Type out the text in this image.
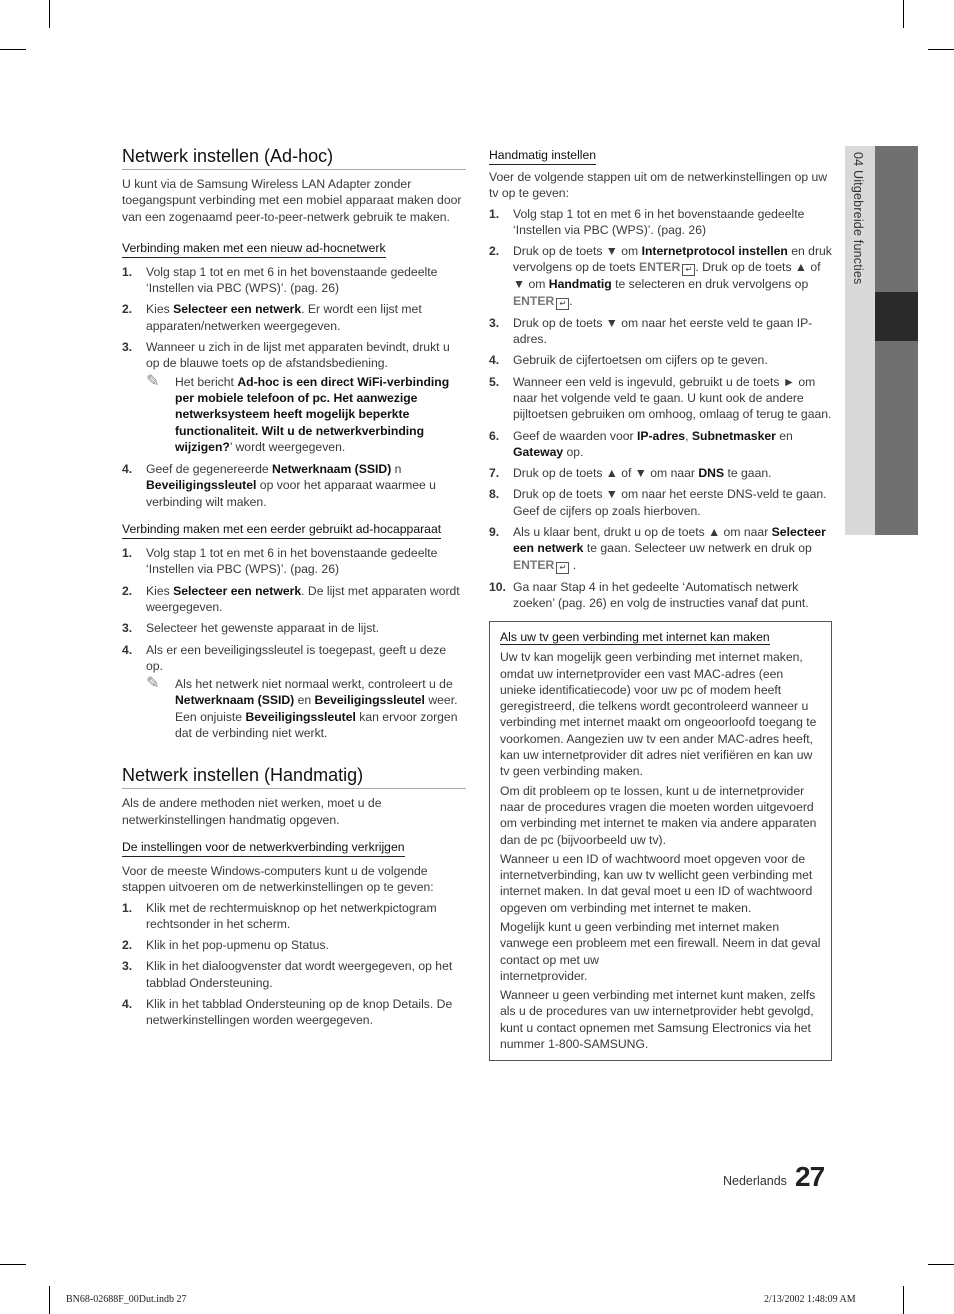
04 Uitgebreide functies
Netwerk instellen (Ad-hoc)
U kunt via de Samsung Wireless LAN Adapter zonder toegangspunt verbinding met een mobiel apparaat maken door van een zogenaamd peer-to-peer-netwerk gebruik te maken.
Verbinding maken met een nieuw ad-hocnetwerk
1.	Volg stap 1 tot en met 6 in het bovenstaande gedeelte ‘Instellen via PBC (WPS)’. (pag. 26)
2.	Kies Selecteer een netwerk. Er wordt een lijst met apparaten/netwerken weergegeven.
3.	Wanneer u zich in de lijst met apparaten bevindt, drukt u op de blauwe toets op de afstandsbediening.
✎	Het bericht Ad-hoc is een direct WiFi-verbinding per mobiele telefoon of pc. Het aanwezige netwerksysteem heeft mogelijk beperkte functionaliteit. Wilt u de netwerkverbinding wijzigen?’ wordt weergegeven.
4.	Geef de gegenereerde Netwerknaam (SSID) n Beveiligingssleutel op voor het apparaat waarmee u verbinding wilt maken.
Verbinding maken met een eerder gebruikt ad-hocapparaat
1.	Volg stap 1 tot en met 6 in het bovenstaande gedeelte ‘Instellen via PBC (WPS)’. (pag. 26)
2.	Kies Selecteer een netwerk. De lijst met apparaten wordt weergegeven.
3.	Selecteer het gewenste apparaat in de lijst.
4.	Als er een beveiligingssleutel is toegepast, geeft u deze op.
✎	Als het netwerk niet normaal werkt, controleert u de Netwerknaam (SSID) en Beveiligingssleutel weer. Een onjuiste Beveiligingssleutel kan ervoor zorgen dat de verbinding niet werkt.
Netwerk instellen (Handmatig)
Als de andere methoden niet werken, moet u de netwerkinstellingen handmatig opgeven.
De instellingen voor de netwerkverbinding verkrijgen
Voor de meeste Windows-computers kunt u de volgende stappen uitvoeren om de netwerkinstellingen op te geven:
1.	Klik met de rechtermuisknop op het netwerkpictogram rechtsonder in het scherm.
2.	Klik in het pop-upmenu op Status.
3.	Klik in het dialoogvenster dat wordt weergegeven, op het tabblad Ondersteuning.
4.	Klik in het tabblad Ondersteuning op de knop Details. De netwerkinstellingen worden weergegeven.
Handmatig instellen
Voer de volgende stappen uit om de netwerkinstellingen op uw tv op te geven:
1.	Volg stap 1 tot en met 6 in het bovenstaande gedeelte ‘Instellen via PBC (WPS)’. (pag. 26)
2.	Druk op de toets ▼ om Internetprotocol instellen en druk vervolgens op de toets ENTER ↵ . Druk op de toets ▲ of ▼ om Handmatig te selecteren en druk vervolgens op ENTER ↵ .
3.	Druk op de toets ▼ om naar het eerste veld te gaan IP-adres.
4.	Gebruik de cijfertoetsen om cijfers op te geven.
5.	Wanneer een veld is ingevuld, gebruikt u de toets ► om naar het volgende veld te gaan. U kunt ook de andere pijltoetsen gebruiken om omhoog, omlaag of terug te gaan.
6.	Geef de waarden voor IP-adres, Subnetmasker en Gateway op.
7.	Druk op de toets ▲ of ▼ om naar DNS te gaan.
8.	Druk op de toets ▼ om naar het eerste DNS-veld te gaan. Geef de cijfers op zoals hierboven.
9.	Als u klaar bent, drukt u op de toets ▲ om naar Selecteer een netwerk te gaan. Selecteer uw netwerk en druk op ENTER ↵ .
10. Ga naar Stap 4 in het gedeelte ‘Automatisch netwerk zoeken’ (pag. 26) en volg de instructies vanaf dat punt.
Als uw tv geen verbinding met internet kan maken
Uw tv kan mogelijk geen verbinding met internet maken, omdat uw internetprovider een vast MAC-adres (een unieke identificatiecode) voor uw pc of modem heeft geregistreerd, die telkens wordt gecontroleerd wanneer u verbinding met internet maakt om ongeoorloofd toegang te voorkomen. Aangezien uw tv een ander MAC-adres heeft, kan uw internetprovider dit adres niet verifiëren en kan uw tv geen verbinding maken.
Om dit probleem op te lossen, kunt u de internetprovider naar de procedures vragen die moeten worden uitgevoerd om verbinding met internet te maken via andere apparaten dan de pc (bijvoorbeeld uw tv).
Wanneer u een ID of wachtwoord moet opgeven voor de internetverbinding, kan uw tv wellicht geen verbinding met internet maken. In dat geval moet u een ID of wachtwoord opgeven om verbinding met internet te maken.
Mogelijk kunt u geen verbinding met internet maken vanwege een probleem met een firewall. Neem in dat geval contact op met uw
internetprovider.
Wanneer u geen verbinding met internet kunt maken, zelfs als u de procedures van uw internetprovider hebt gevolgd, kunt u contact opnemen met Samsung Electronics via het nummer 1-800-SAMSUNG.
Nederlands 27
BN68-02688F_00Dut.indb 27	2/13/2002 1:48:09 AM
